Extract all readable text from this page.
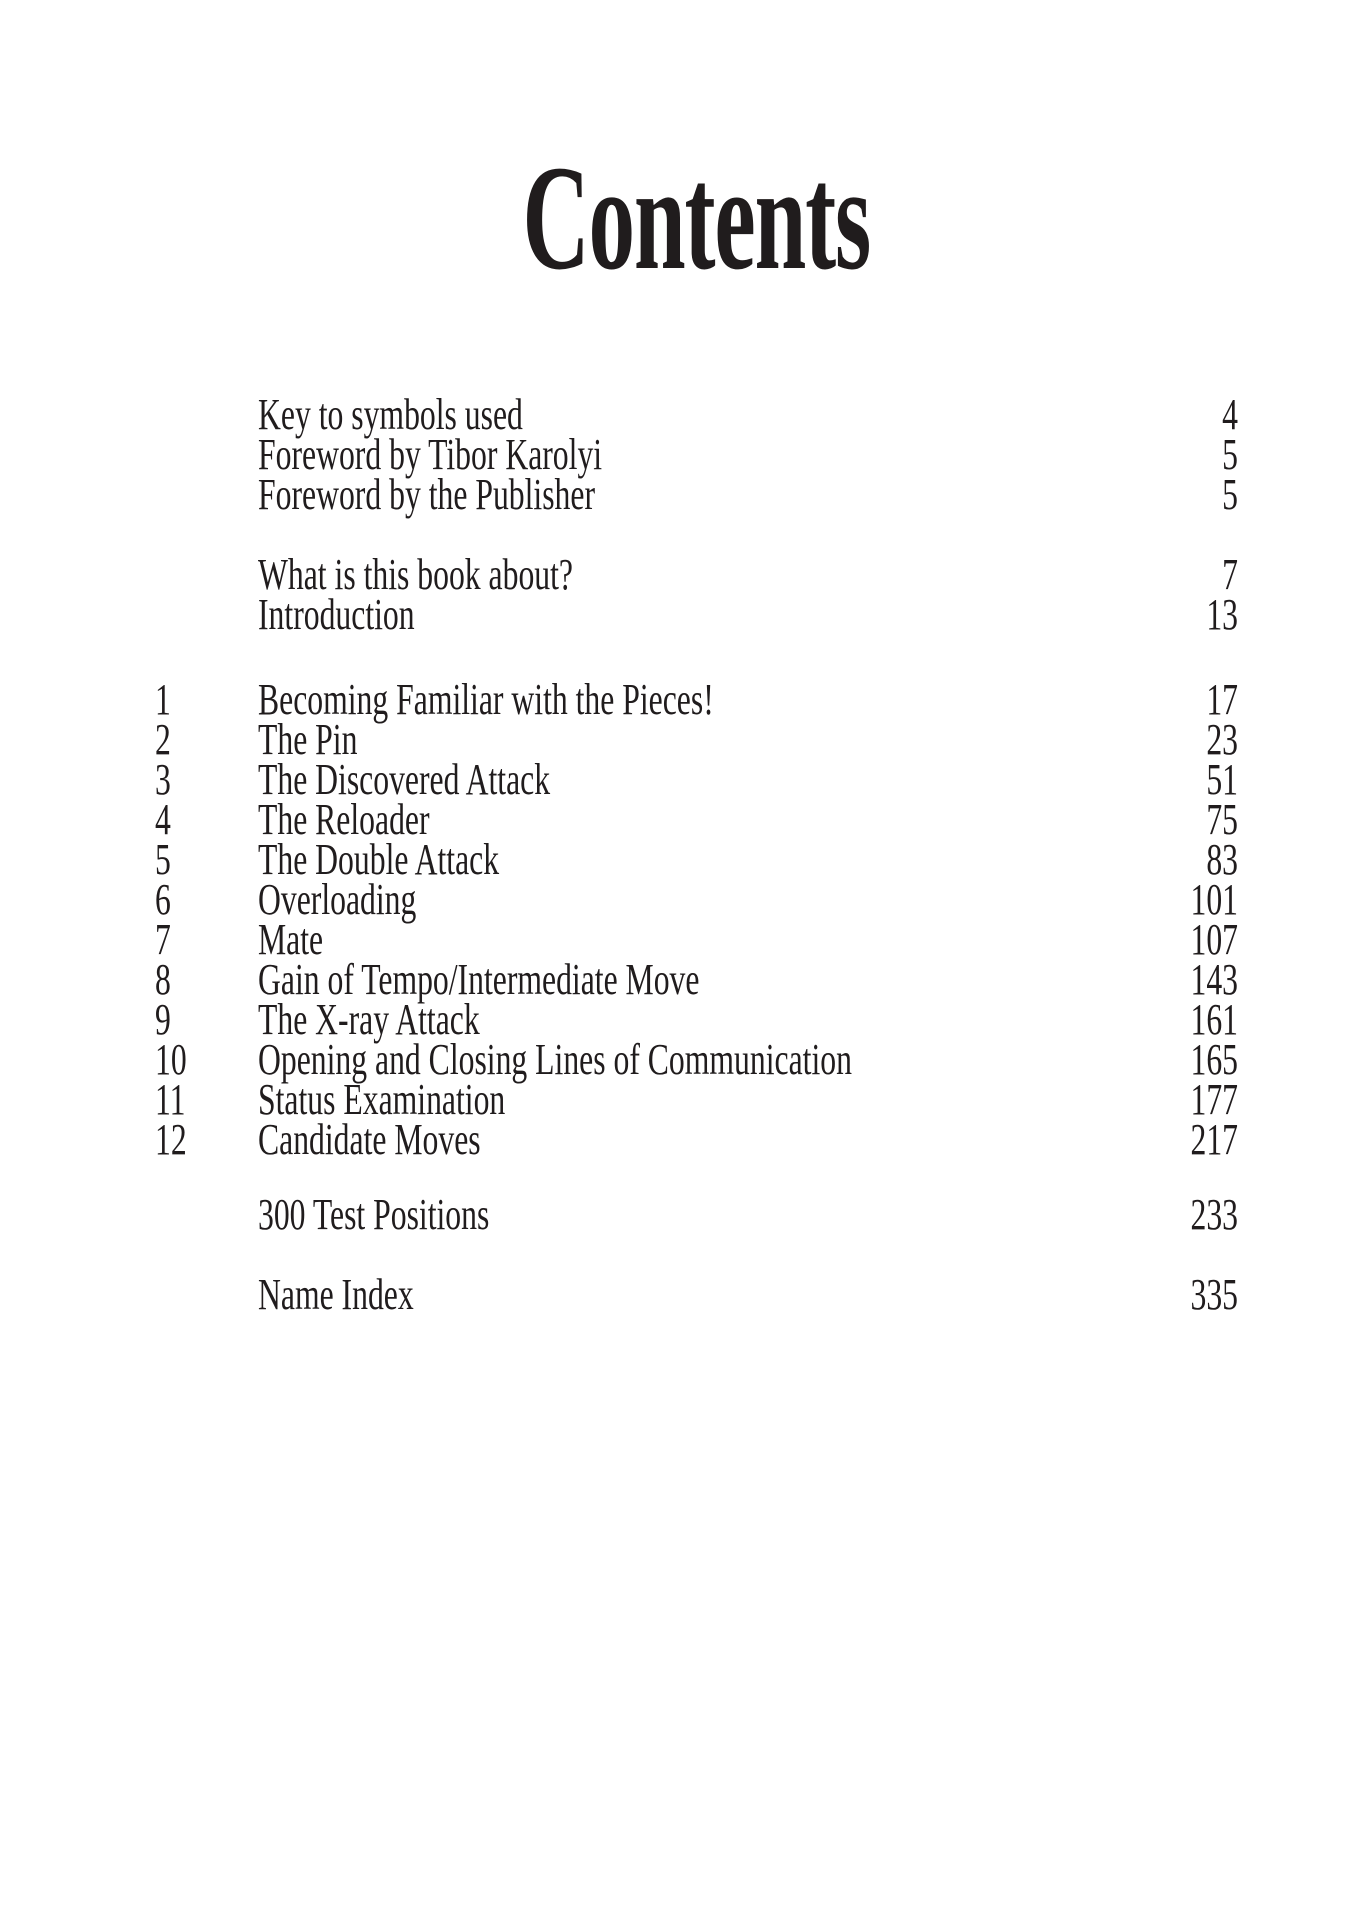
Contents
Key to symbols used	4
Foreword by Tibor Karolyi	5
Foreword by the Publisher	5
What is this book about?	7
Introduction	13
1	Becoming Familiar with the Pieces!	17
2	The Pin	23
3	The Discovered Attack	51
4	The Reloader	75
5	The Double Attack	83
6	Overloading	101
7	Mate	107
8	Gain of Tempo/Intermediate Move	143
9	The X-ray Attack	161
10	Opening and Closing Lines of Communication	165
11	Status Examination	177
12	Candidate Moves	217
300 Test Positions	233
Name Index	335
